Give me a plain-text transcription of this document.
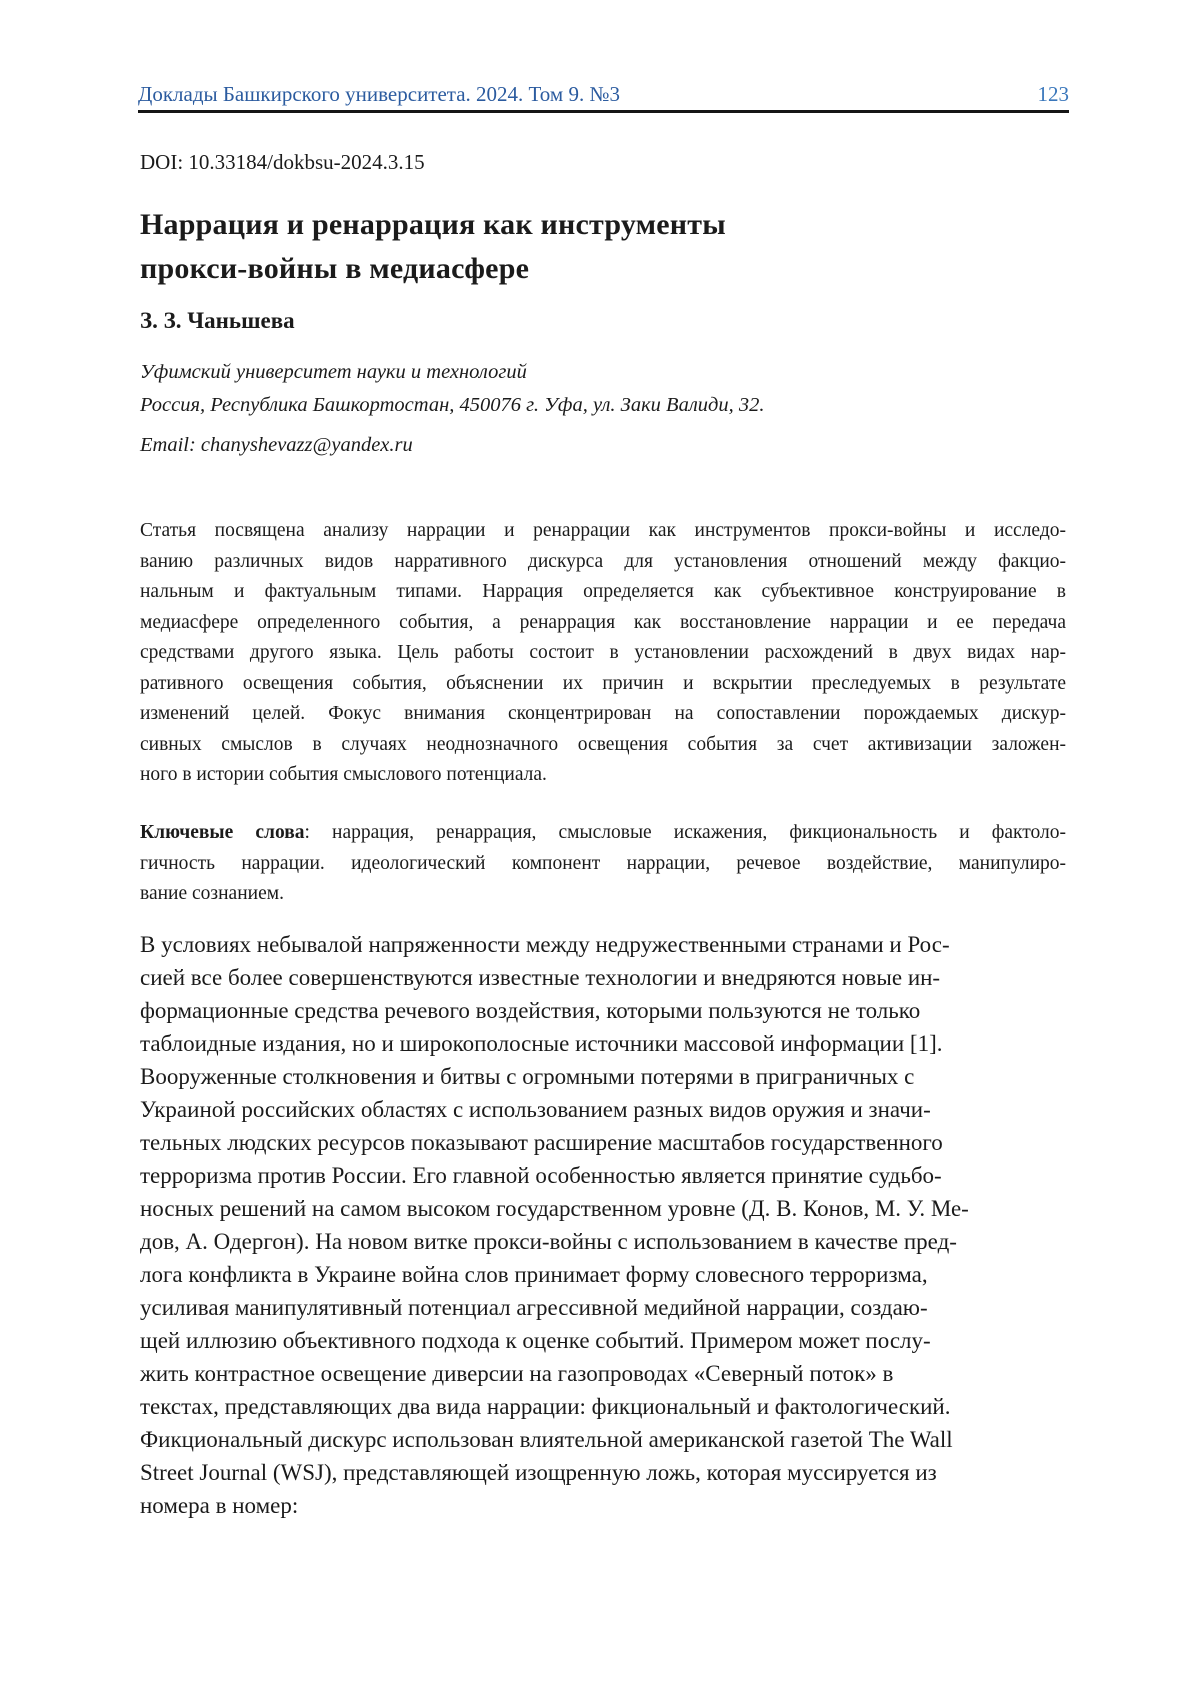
Доклады Башкирского университета. 2024. Том 9. №3	123
DOI: 10.33184/dokbsu-2024.3.15
Наррация и ренаррация как инструменты
прокси-войны в медиасфере
З. З. Чаньшева
Уфимский университет науки и технологий
Россия, Республика Башкортостан, 450076 г. Уфа, ул. Заки Валиди, 32.
Email: chanyshevazz@yandex.ru
Статья посвящена анализу наррации и ренаррации как инструментов прокси-войны и исследо-
ванию различных видов нарративного дискурса для установления отношений между факцио-
нальным и фактуальным типами. Наррация определяется как субъективное конструирование в
медиасфере определенного события, а ренаррация как восстановление наррации и ее передача
средствами другого языка. Цель работы состоит в установлении расхождений в двух видах нар-
ративного освещения события, объяснении их причин и вскрытии преследуемых в результате
изменений целей. Фокус внимания сконцентрирован на сопоставлении порождаемых дискур-
сивных смыслов в случаях неоднозначного освещения события за счет активизации заложен-
ного в истории события смыслового потенциала.
Ключевые слова: наррация, ренаррация, смысловые искажения, фикциональность и фактоло-
гичность наррации. идеологический компонент наррации, речевое воздействие, манипулиро-
вание сознанием.
В условиях небывалой напряженности между недружественными странами и Рос-
сией все более совершенствуются известные технологии и внедряются новые ин-
формационные средства речевого воздействия, которыми пользуются не только
таблоидные издания, но и широкополосные источники массовой информации [1].
Вооруженные столкновения и битвы с огромными потерями в приграничных с
Украиной российских областях с использованием разных видов оружия и значи-
тельных людских ресурсов показывают расширение масштабов государственного
терроризма против России. Его главной особенностью является принятие судьбо-
носных решений на самом высоком государственном уровне (Д. В. Конов, М. У. Ме-
дов, А. Одергон). На новом витке прокси-войны с использованием в качестве пред-
лога конфликта в Украине война слов принимает форму словесного терроризма,
усиливая манипулятивный потенциал агрессивной медийной наррации, создаю-
щей иллюзию объективного подхода к оценке событий. Примером может послу-
жить контрастное освещение диверсии на газопроводах «Северный поток» в
текстах, представляющих два вида наррации: фикциональный и фактологический.
Фикциональный дискурс использован влиятельной американской газетой The Wall
Street Journal (WSJ), представляющей изощренную ложь, которая муссируется из
номера в номер:
